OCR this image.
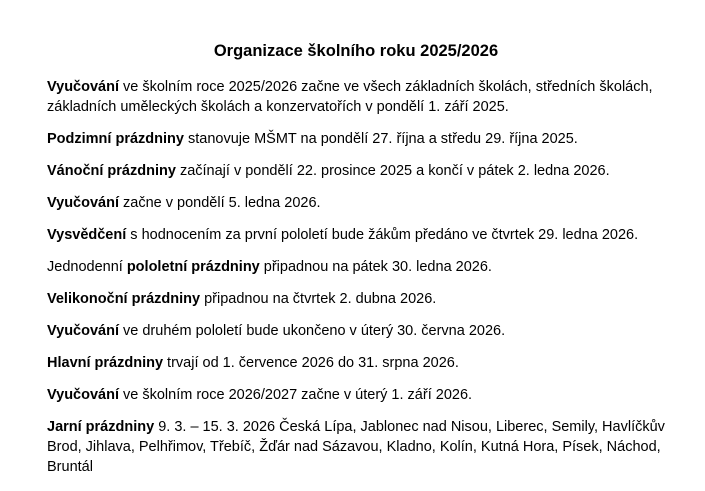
Organizace školního roku 2025/2026

Vyučování ve školním roce 2025/2026 začne ve všech základních školách, středních školách, základních uměleckých školách a konzervatořích v pondělí 1. září 2025.

Podzimní prázdniny stanovuje MŠMT na pondělí 27. října a středu 29. října 2025.

Vánoční prázdniny začínají v pondělí 22. prosince 2025 a končí v pátek 2. ledna 2026.

Vyučování začne v pondělí 5. ledna 2026.

Vysvědčení s hodnocením za první pololetí bude žákům předáno ve čtvrtek 29. ledna 2026.

Jednodenní pololetní prázdniny připadnou na pátek 30. ledna 2026.

Velikonoční prázdniny připadnou na čtvrtek 2. dubna 2026.

Vyučování ve druhém pololetí bude ukončeno v úterý 30. června 2026.

Hlavní prázdniny trvají od 1. července 2026 do 31. srpna 2026.

Vyučování ve školním roce 2026/2027 začne v úterý 1. září 2026.

Jarní prázdniny 9. 3. – 15. 3. 2026 Česká Lípa, Jablonec nad Nisou, Liberec, Semily, Havlíčkův Brod, Jihlava, Pelhřimov, Třebíč, Žďár nad Sázavou, Kladno, Kolín, Kutná Hora, Písek, Náchod, Bruntál
